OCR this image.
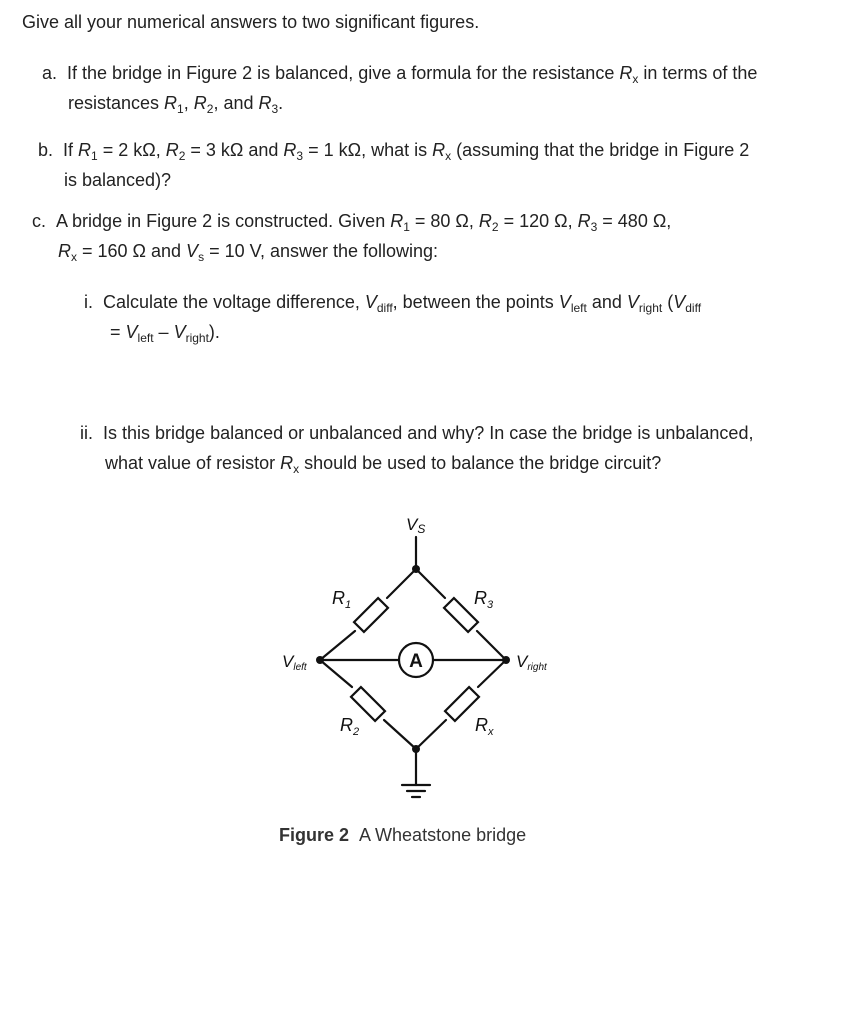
Give all your numerical answers to two significant figures.
a. If the bridge in Figure 2 is balanced, give a formula for the resistance $R_x$ in terms of the
resistances $R_1$, $R_2$, and $R_3$.
b. If $R_1 = 2$ kΩ, $R_2 = 3$ kΩ and $R_3 = 1$ kΩ, what is $R_x$ (assuming that the bridge in Figure 2
is balanced)?
c. A bridge in Figure 2 is constructed. Given $R_1 = 80$ Ω, $R_2 = 120$ Ω, $R_3 = 480$ Ω,
$R_x = 160$ Ω and $V_s = 10$ V, answer the following:
i. Calculate the voltage difference, $V_{diff}$, between the points $V_{left}$ and $V_{right}$ ($V_{diff}$
= $V_{left} - V_{right}$).
ii. Is this bridge balanced or unbalanced and why? In case the bridge is unbalanced,
what value of resistor $R_x$ should be used to balance the bridge circuit?
VS
$R_1$	$R_3$
$R_2$	$R_x$
Vleft	Vright
A
Figure 2 A Wheatstone bridge
